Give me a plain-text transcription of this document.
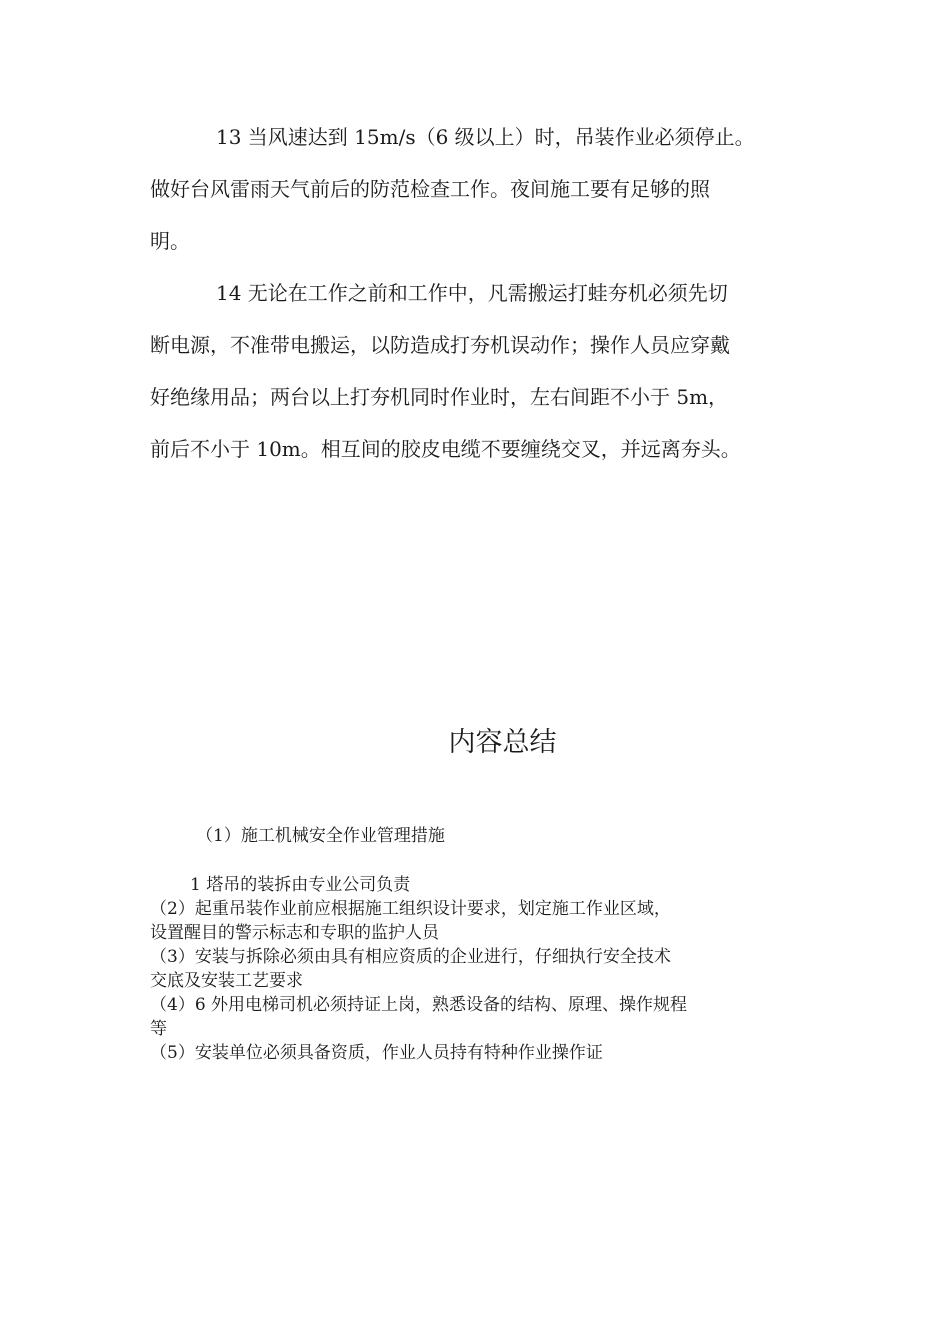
13 当风速达到 15m/s（6 级以上）时，吊装作业必须停止。
做好台风雷雨天气前后的防范检查工作。夜间施工要有足够的照
明。
14 无论在工作之前和工作中，凡需搬运打蛙夯机必须先切
断电源，不准带电搬运，以防造成打夯机误动作；操作人员应穿戴
好绝缘用品；两台以上打夯机同时作业时，左右间距不小于 5m，
前后不小于 10m。相互间的胶皮电缆不要缠绕交叉，并远离夯头。
内容总结
（1）施工机械安全作业管理措施
1 塔吊的装拆由专业公司负责
（2）起重吊装作业前应根据施工组织设计要求，划定施工作业区域，
设置醒目的警示标志和专职的监护人员
（3）安装与拆除必须由具有相应资质的企业进行，仔细执行安全技术
交底及安装工艺要求
（4）6 外用电梯司机必须持证上岗，熟悉设备的结构、原理、操作规程
等
（5）安装单位必须具备资质，作业人员持有特种作业操作证
